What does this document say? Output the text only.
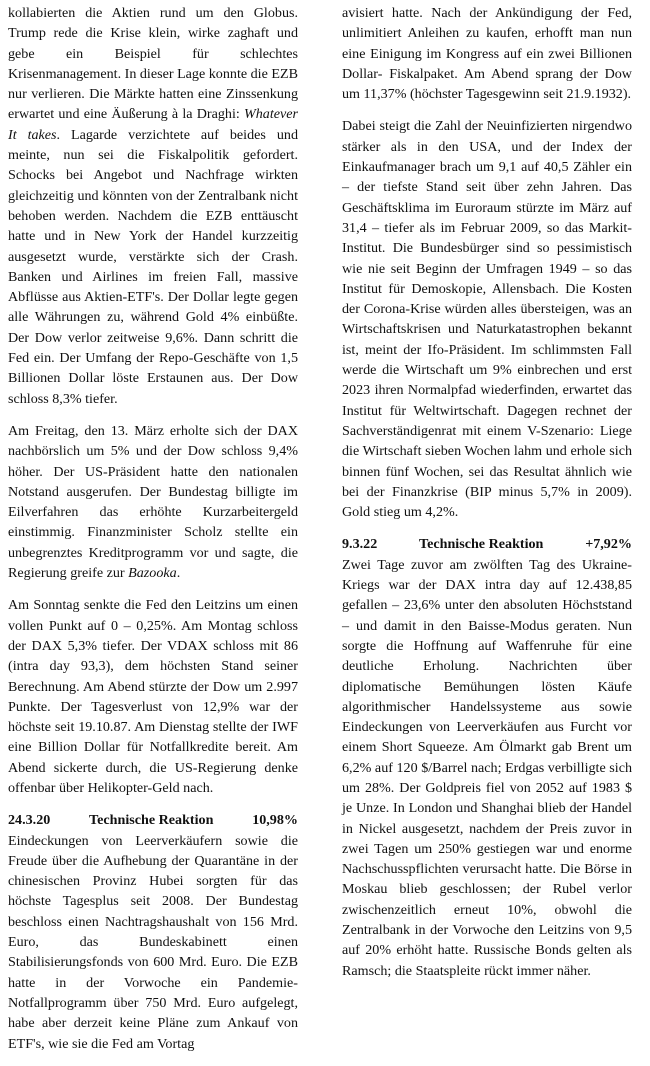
kollabierten die Aktien rund um den Globus. Trump rede die Krise klein, wirke zaghaft und gebe ein Beispiel für schlechtes Krisenmanagement. In dieser Lage konnte die EZB nur verlieren. Die Märkte hatten eine Zinssenkung erwartet und eine Äußerung à la Draghi: Whatever It takes. Lagarde verzichtete auf beides und meinte, nun sei die Fiskalpolitik gefordert. Schocks bei Angebot und Nachfrage wirkten gleichzeitig und könnten von der Zentralbank nicht behoben werden. Nachdem die EZB enttäuscht hatte und in New York der Handel kurzzeitig ausgesetzt wurde, verstärkte sich der Crash. Banken und Airlines im freien Fall, massive Abflüsse aus Aktien-ETF's. Der Dollar legte gegen alle Währungen zu, während Gold 4% einbüßte. Der Dow verlor zeitweise 9,6%. Dann schritt die Fed ein. Der Umfang der Repo-Geschäfte von 1,5 Billionen Dollar löste Erstaunen aus. Der Dow schloss 8,3% tiefer.

Am Freitag, den 13. März erholte sich der DAX nachbörslich um 5% und der Dow schloss 9,4% höher. Der US-Präsident hatte den nationalen Notstand ausgerufen. Der Bundestag billigte im Eilverfahren das erhöhte Kurzarbeitergeld einstimmig. Finanzminister Scholz stellte ein unbegrenztes Kreditprogramm vor und sagte, die Regierung greife zur Bazooka.

Am Sonntag senkte die Fed den Leitzins um einen vollen Punkt auf 0 – 0,25%. Am Montag schloss der DAX 5,3% tiefer. Der VDAX schloss mit 86 (intra day 93,3), dem höchsten Stand seiner Berechnung. Am Abend stürzte der Dow um 2.997 Punkte. Der Tagesverlust von 12,9% war der höchste seit 19.10.87. Am Dienstag stellte der IWF eine Billion Dollar für Notfallkredite bereit. Am Abend sickerte durch, die US-Regierung denke offenbar über Helikopter-Geld nach.

24.3.20	Technische Reaktion	10,98%

Eindeckungen von Leerverkäufern sowie die Freude über die Aufhebung der Quarantäne in der chinesischen Provinz Hubei sorgten für das höchste Tagesplus seit 2008. Der Bundestag beschloss einen Nachtragshaushalt von 156 Mrd. Euro, das Bundeskabinett einen Stabilisierungsfonds von 600 Mrd. Euro. Die EZB hatte in der Vorwoche ein Pandemie-Notfallprogramm über 750 Mrd. Euro aufgelegt, habe aber derzeit keine Pläne zum Ankauf von ETF's, wie sie die Fed am Vortag

avisiert hatte. Nach der Ankündigung der Fed, unlimitiert Anleihen zu kaufen, erhofft man nun eine Einigung im Kongress auf ein zwei Billionen Dollar- Fiskalpaket. Am Abend sprang der Dow um 11,37% (höchster Tagesgewinn seit 21.9.1932).

Dabei steigt die Zahl der Neuinfizierten nirgendwo stärker als in den USA, und der Index der Einkaufmanager brach um 9,1 auf 40,5 Zähler ein – der tiefste Stand seit über zehn Jahren. Das Geschäftsklima im Euroraum stürzte im März auf 31,4 – tiefer als im Februar 2009, so das Markit-Institut. Die Bundesbürger sind so pessimistisch wie nie seit Beginn der Umfragen 1949 – so das Institut für Demoskopie, Allensbach. Die Kosten der Corona-Krise würden alles übersteigen, was an Wirtschaftskrisen und Naturkatastrophen bekannt ist, meint der Ifo-Präsident. Im schlimmsten Fall werde die Wirtschaft um 9% einbrechen und erst 2023 ihren Normalpfad wiederfinden, erwartet das Institut für Weltwirtschaft. Dagegen rechnet der Sachverständigenrat mit einem V-Szenario: Liege die Wirtschaft sieben Wochen lahm und erhole sich binnen fünf Wochen, sei das Resultat ähnlich wie bei der Finanzkrise (BIP minus 5,7% in 2009). Gold stieg um 4,2%.

9.3.22	Technische Reaktion	+7,92%

Zwei Tage zuvor am zwölften Tag des Ukraine-Kriegs war der DAX intra day auf 12.438,85 gefallen – 23,6% unter den absoluten Höchststand – und damit in den Baisse-Modus geraten. Nun sorgte die Hoffnung auf Waffenruhe für eine deutliche Erholung. Nachrichten über diplomatische Bemühungen lösten Käufe algorithmischer Handelssysteme aus sowie Eindeckungen von Leerverkäufen aus Furcht vor einem Short Squeeze. Am Ölmarkt gab Brent um 6,2% auf 120 $/Barrel nach; Erdgas verbilligte sich um 28%. Der Goldpreis fiel von 2052 auf 1983 $ je Unze. In London und Shanghai blieb der Handel in Nickel ausgesetzt, nachdem der Preis zuvor in zwei Tagen um 250% gestiegen war und enorme Nachschusspflichten verursacht hatte. Die Börse in Moskau blieb geschlossen; der Rubel verlor zwischenzeitlich erneut 10%, obwohl die Zentralbank in der Vorwoche den Leitzins von 9,5 auf 20% erhöht hatte. Russische Bonds gelten als Ramsch; die Staatspleite rückt immer näher.
